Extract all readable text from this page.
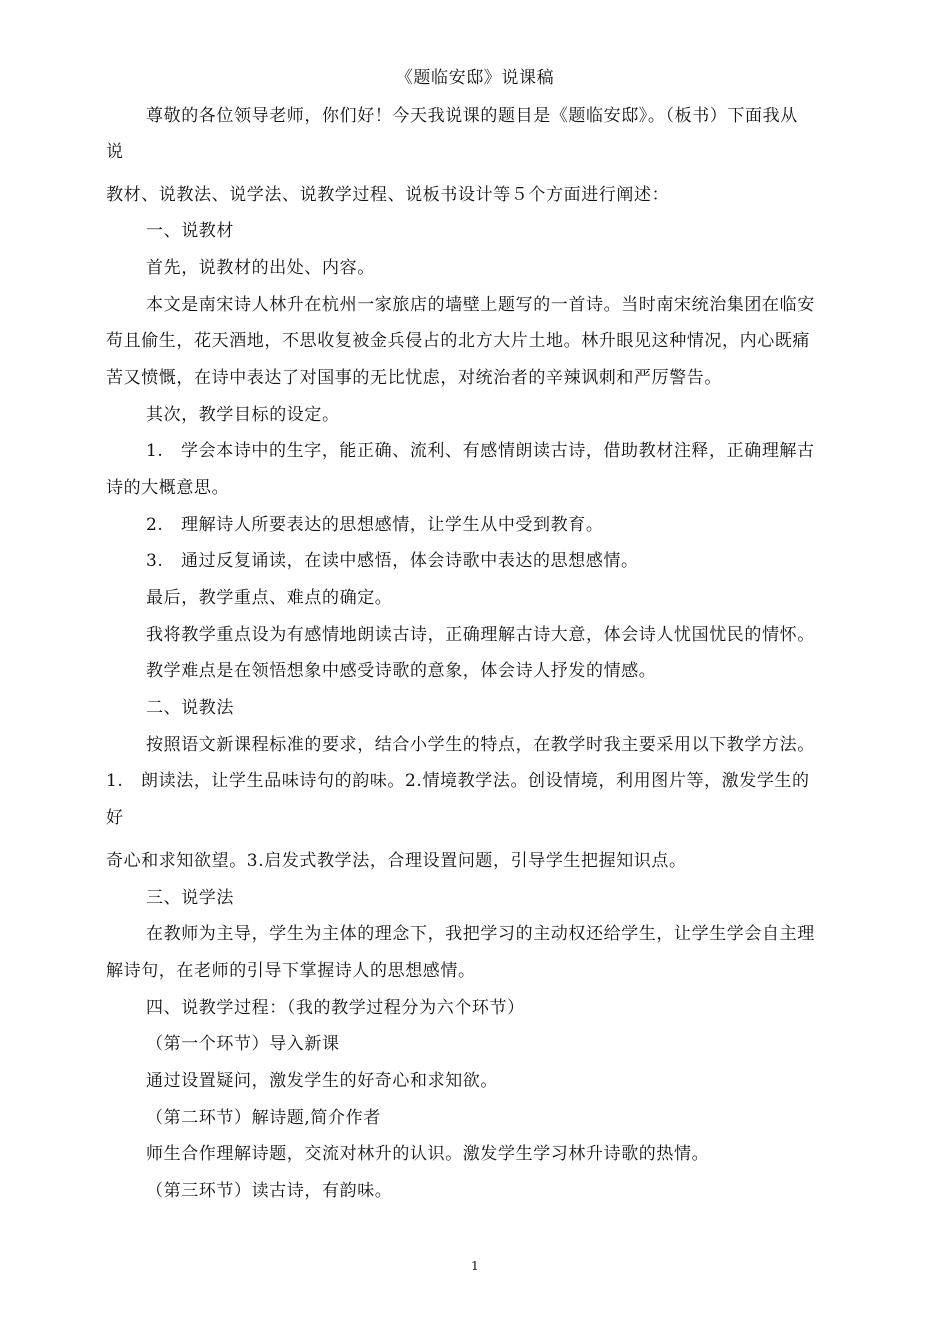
《题临安邸》说课稿
尊敬的各位领导老师，你们好！今天我说课的题目是《题临安邸》。（板书）下面我从
说
教材、说教法、说学法、说教学过程、说板书设计等５个方面进行阐述：
一、说教材
首先，说教材的出处、内容。
本文是南宋诗人林升在杭州一家旅店的墙壁上题写的一首诗。当时南宋统治集团在临安
苟且偷生，花天酒地，不思收复被金兵侵占的北方大片土地。林升眼见这种情况，内心既痛
苦又愤慨，在诗中表达了对国事的无比忧虑，对统治者的辛辣讽刺和严厉警告。
其次，教学目标的设定。
1.　学会本诗中的生字，能正确、流利、有感情朗读古诗，借助教材注释，正确理解古
诗的大概意思。
2.　理解诗人所要表达的思想感情，让学生从中受到教育。
3.　通过反复诵读，在读中感悟，体会诗歌中表达的思想感情。
最后，教学重点、难点的确定。
我将教学重点设为有感情地朗读古诗，正确理解古诗大意，体会诗人忧国忧民的情怀。
教学难点是在领悟想象中感受诗歌的意象，体会诗人抒发的情感。
二、说教法
按照语文新课程标准的要求，结合小学生的特点，在教学时我主要采用以下教学方法。
1.　朗读法，让学生品味诗句的韵味。2.情境教学法。创设情境，利用图片等，激发学生的
好
奇心和求知欲望。3.启发式教学法，合理设置问题，引导学生把握知识点。
三、说学法
在教师为主导，学生为主体的理念下，我把学习的主动权还给学生，让学生学会自主理
解诗句，在老师的引导下掌握诗人的思想感情。
四、说教学过程：（我的教学过程分为六个环节）
（第一个环节）导入新课
通过设置疑问，激发学生的好奇心和求知欲。
（第二环节）解诗题,简介作者
师生合作理解诗题，交流对林升的认识。激发学生学习林升诗歌的热情。
（第三环节）读古诗，有韵味。
1
